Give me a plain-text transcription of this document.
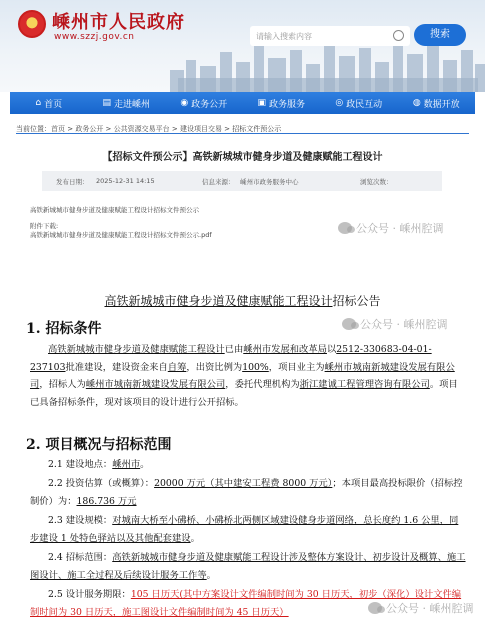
★
嵊州市人民政府
www.szzj.gov.cn	请输入搜索内容	搜索
⌂ 首页	▤ 走进嵊州	◉ 政务公开	▣ 政务服务	◎ 政民互动	◍ 数据开放
当前位置：首页 > 政务公开 > 公共资源交易平台 > 建设项目交易 > 招标文件预公示
【招标文件预公示】高铁新城城市健身步道及健康赋能工程设计
发布日期： 2025-12-31 14:15	信息来源： 嵊州市政务服务中心	浏览次数：
高铁新城城市健身步道及健康赋能工程设计招标文件预公示
附件下载:
高铁新城城市健身步道及健康赋能工程设计招标文件预公示.pdf	公众号 · 嵊州腔调
高铁新城城市健身步道及健康赋能工程设计招标公告
1. 招标条件
高铁新城城市健身步道及健康赋能工程设计已由嵊州市发展和改革局以2512-330683-04-01-237103批准建设，建设资金来自自筹，出资比例为100%，项目业主为嵊州市城南新城建设发展有限公司，招标人为嵊州市城南新城建设发展有限公司，委托代理机构为浙江建诚工程管理咨询有限公司。项目已具备招标条件，现对该项目的设计进行公开招标。
2. 项目概况与招标范围
2.1 建设地点：嵊州市。
2.2 投资估算（或概算）：20000 万元（其中建安工程费 8000 万元）；本项目最高投标限价（招标控制价）为：186.736 万元
2.3 建设规模：对城南大桥至小砩桥、小砩桥北两侧区域建设健身步道网络，总长度约 1.6 公里，同步建设 1 处特色驿站以及其他配套建设。
2.4 招标范围：高铁新城城市健身步道及健康赋能工程设计涉及整体方案设计、初步设计及概算、施工图设计、施工全过程及后续设计服务工作等。
2.5 设计服务期限：105 日历天(其中方案设计文件编制时间为 30 日历天，初步（深化）设计文件编制时间为 30 日历天，施工图设计文件编制时间为 45 日历天）
公众号 · 嵊州腔调
公众号 · 嵊州腔调
